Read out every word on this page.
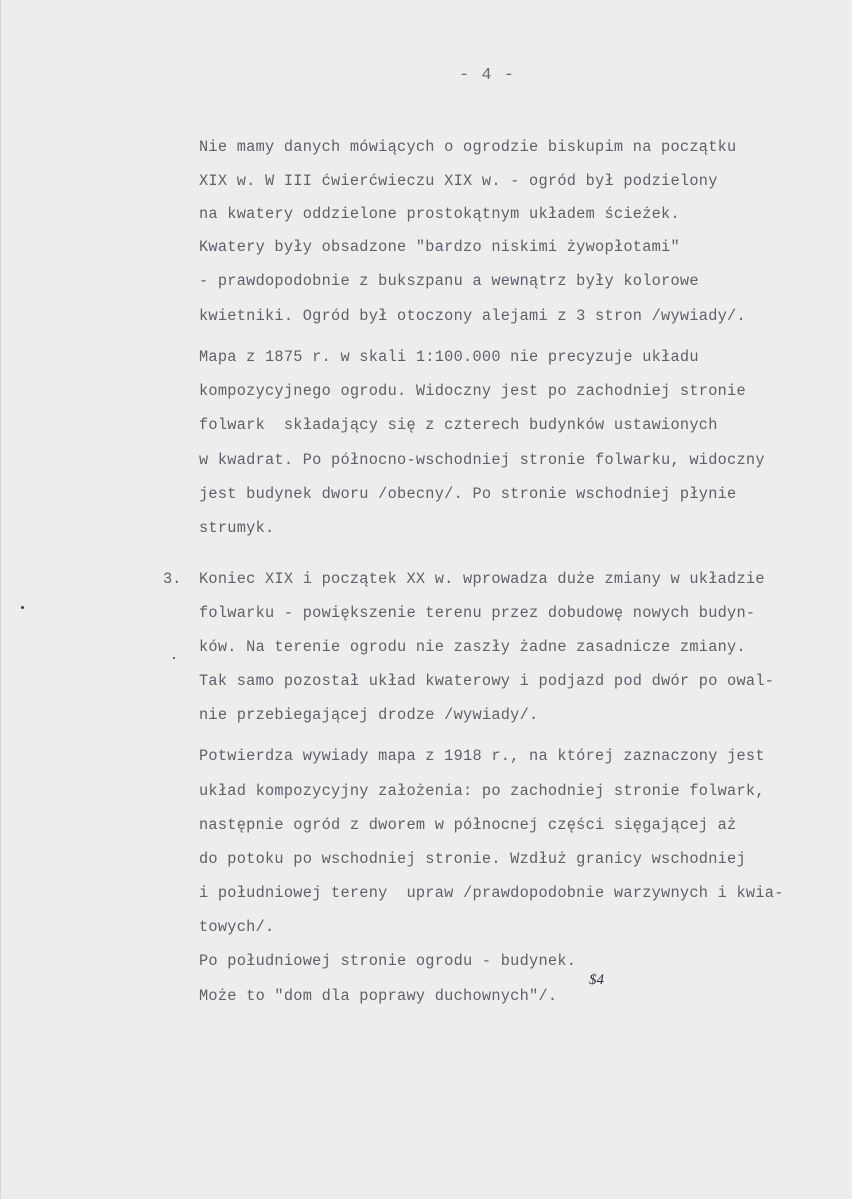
- 4 -
Nie mamy danych mówiących o ogrodzie biskupim na początku
XIX w. W III ćwierćwieczu XIX w. - ogród był podzielony
na kwatery oddzielone prostokątnym układem ścieżek.
Kwatery były obsadzone "bardzo niskimi żywopłotami"
- prawdopodobnie z bukszpanu a wewnątrz były kolorowe
kwietniki. Ogród był otoczony alejami z 3 stron /wywiady/.
Mapa z 1875 r. w skali 1:100.000 nie precyzuje układu
kompozycyjnego ogrodu. Widoczny jest po zachodniej stronie
folwark  składający się z czterech budynków ustawionych
w kwadrat. Po północno-wschodniej stronie folwarku, widoczny
jest budynek dworu /obecny/. Po stronie wschodniej płynie
strumyk.
3. Koniec XIX i początek XX w. wprowadza duże zmiany w układzie
folwarku - powiększenie terenu przez dobudowę nowych budyn-
ków. Na terenie ogrodu nie zaszły żadne zasadnicze zmiany.
Tak samo pozostał układ kwaterowy i podjazd pod dwór po owal-
nie przebiegającej drodze /wywiady/.
Potwierdza wywiady mapa z 1918 r., na której zaznaczony jest
układ kompozycyjny założenia: po zachodniej stronie folwark,
następnie ogród z dworem w północnej części sięgającej aż
do potoku po wschodniej stronie. Wzdłuż granicy wschodniej
i południowej tereny  upraw /prawdopodobnie warzywnych i kwia-
towych/.
Po południowej stronie ogrodu - budynek.
Może to "dom dla poprawy duchownych"/.
$4
